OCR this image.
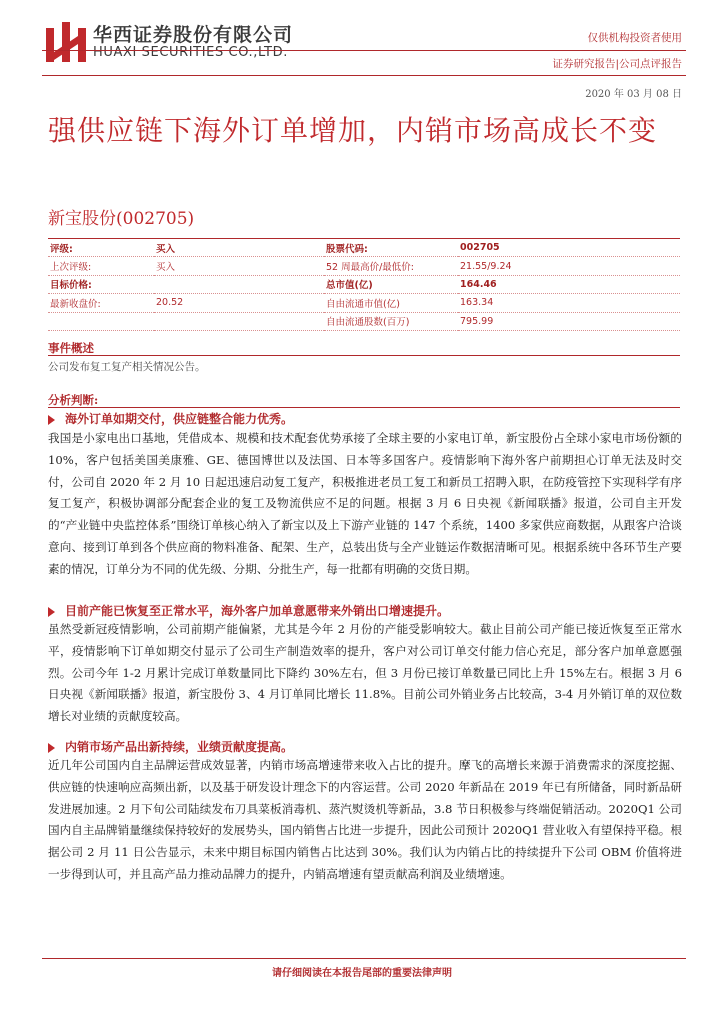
华西证券股份有限公司
HUAXI SECURITIES CO.,LTD.
仅供机构投资者使用
证券研究报告|公司点评报告
2020 年 03 月 08 日
强供应链下海外订单增加，内销市场高成长不变
新宝股份(002705)
评级:	买入	股票代码:	002705
上次评级:	买入	52 周最高价/最低价:	21.55/9.24
目标价格:		总市值(亿)	164.46
最新收盘价:	20.52	自由流通市值(亿)	163.34
		自由流通股数(百万)	795.99
事件概述
公司发布复工复产相关情况公告。
分析判断:
海外订单如期交付，供应链整合能力优秀。

我国是小家电出口基地，凭借成本、规模和技术配套优势承接了全球主要的小家电订单，新宝股份占全球小家电市场份额的 10%，客户包括美国美康雅、GE、德国博世以及法国、日本等多国客户。疫情影响下海外客户前期担心订单无法及时交付，公司自 2020 年 2 月 10 日起迅速启动复工复产，积极推进老员工复工和新员工招聘入职，在防疫管控下实现科学有序复工复产，积极协调部分配套企业的复工及物流供应不足的问题。根据 3 月 6 日央视《新闻联播》报道，公司自主开发的“产业链中央监控体系”围绕订单核心纳入了新宝以及上下游产业链的 147 个系统，1400 多家供应商数据，从跟客户洽谈意向、接到订单到各个供应商的物料准备、配架、生产，总装出货与全产业链运作数据清晰可见。根据系统中各环节生产要素的情况，订单分为不同的优先级、分期、分批生产，每一批都有明确的交货日期。

目前产能已恢复至正常水平，海外客户加单意愿带来外销出口增速提升。

虽然受新冠疫情影响，公司前期产能偏紧，尤其是今年 2 月份的产能受影响较大。截止目前公司产能已接近恢复至正常水平，疫情影响下订单如期交付显示了公司生产制造效率的提升，客户对公司订单交付能力信心充足，部分客户加单意愿强烈。公司今年 1-2 月累计完成订单数量同比下降约 30%左右，但 3 月份已接订单数量已同比上升 15%左右。根据 3 月 6 日央视《新闻联播》报道，新宝股份 3、4 月订单同比增长 11.8%。目前公司外销业务占比较高，3-4 月外销订单的双位数增长对业绩的贡献度较高。

内销市场产品出新持续，业绩贡献度提高。

近几年公司国内自主品牌运营成效显著，内销市场高增速带来收入占比的提升。摩飞的高增长来源于消费需求的深度挖掘、供应链的快速响应高频出新，以及基于研发设计理念下的内容运营。公司 2020 年新品在 2019 年已有所储备，同时新品研发进展加速。2 月下旬公司陆续发布刀具菜板消毒机、蒸汽熨烫机等新品，3.8 节日积极参与终端促销活动。2020Q1 公司国内自主品牌销量继续保持较好的发展势头，国内销售占比进一步提升，因此公司预计 2020Q1 营业收入有望保持平稳。根据公司 2 月 11 日公告显示，未来中期目标国内销售占比达到 30%。我们认为内销占比的持续提升下公司 OBM 价值将进一步得到认可，并且高产品力推动品牌力的提升，内销高增速有望贡献高利润及业绩增速。

请仔细阅读在本报告尾部的重要法律声明
